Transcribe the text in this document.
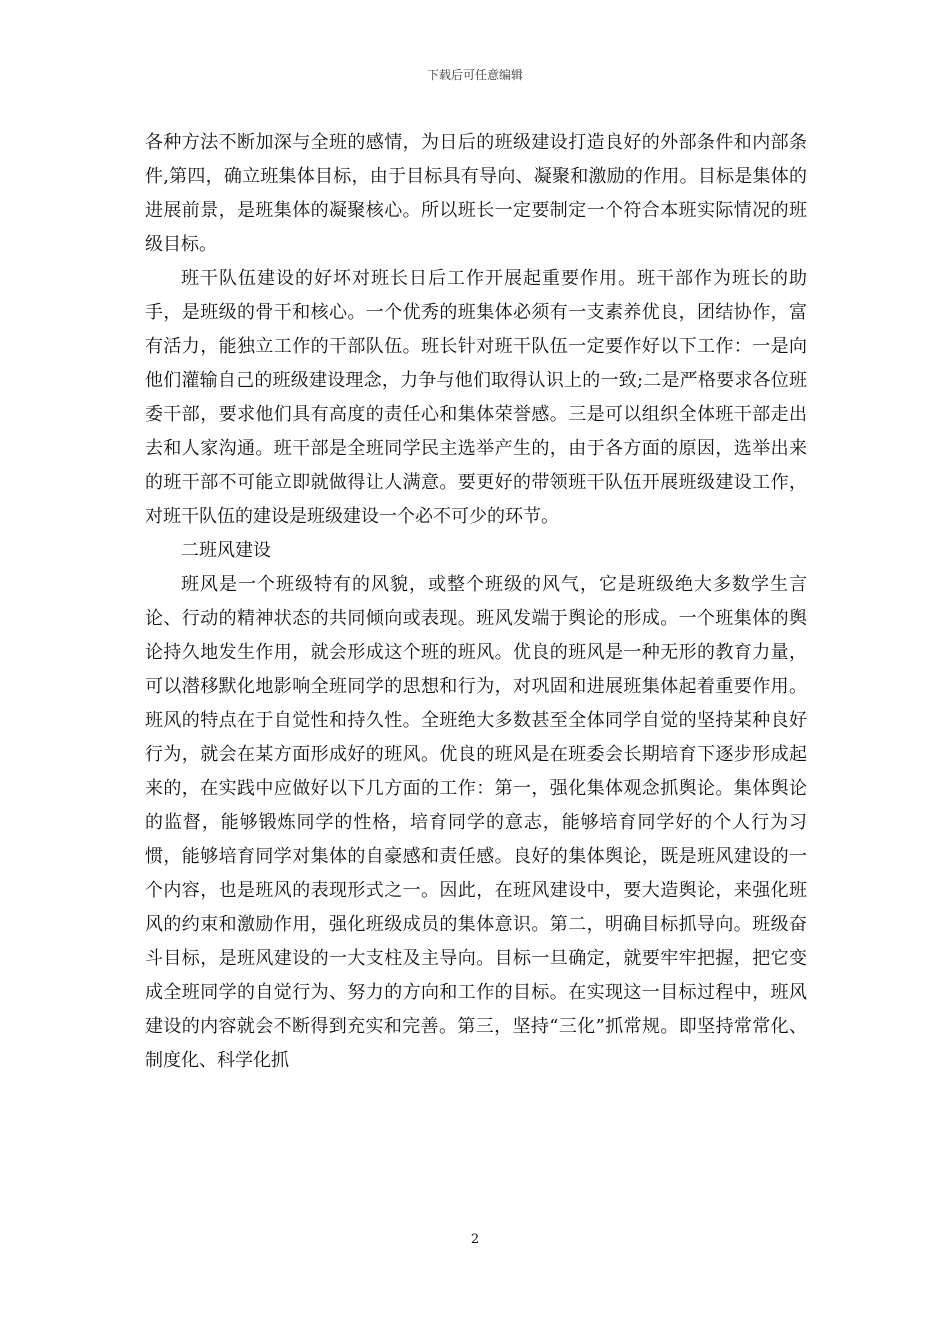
下载后可任意编辑

各种方法不断加深与全班的感情，为日后的班级建设打造良好的外部条件和内部条件,第四，确立班集体目标，由于目标具有导向、凝聚和激励的作用。目标是集体的进展前景，是班集体的凝聚核心。所以班长一定要制定一个符合本班实际情况的班级目标。

班干队伍建设的好坏对班长日后工作开展起重要作用。班干部作为班长的助手，是班级的骨干和核心。一个优秀的班集体必须有一支素养优良，团结协作，富有活力，能独立工作的干部队伍。班长针对班干队伍一定要作好以下工作：一是向他们灌输自己的班级建设理念，力争与他们取得认识上的一致;二是严格要求各位班委干部，要求他们具有高度的责任心和集体荣誉感。三是可以组织全体班干部走出去和人家沟通。班干部是全班同学民主选举产生的，由于各方面的原因，选举出来的班干部不可能立即就做得让人满意。要更好的带领班干队伍开展班级建设工作，对班干队伍的建设是班级建设一个必不可少的环节。

二班风建设

班风是一个班级特有的风貌，或整个班级的风气，它是班级绝大多数学生言论、行动的精神状态的共同倾向或表现。班风发端于舆论的形成。一个班集体的舆论持久地发生作用，就会形成这个班的班风。优良的班风是一种无形的教育力量，可以潜移默化地影响全班同学的思想和行为，对巩固和进展班集体起着重要作用。班风的特点在于自觉性和持久性。全班绝大多数甚至全体同学自觉的坚持某种良好行为，就会在某方面形成好的班风。优良的班风是在班委会长期培育下逐步形成起来的，在实践中应做好以下几方面的工作：第一，强化集体观念抓舆论。集体舆论的监督，能够锻炼同学的性格，培育同学的意志，能够培育同学好的个人行为习惯，能够培育同学对集体的自豪感和责任感。良好的集体舆论，既是班风建设的一个内容，也是班风的表现形式之一。因此，在班风建设中，要大造舆论，来强化班风的约束和激励作用，强化班级成员的集体意识。第二，明确目标抓导向。班级奋斗目标，是班风建设的一大支柱及主导向。目标一旦确定，就要牢牢把握，把它变成全班同学的自觉行为、努力的方向和工作的目标。在实现这一目标过程中，班风建设的内容就会不断得到充实和完善。第三，坚持“三化”抓常规。即坚持常常化、制度化、科学化抓

2
